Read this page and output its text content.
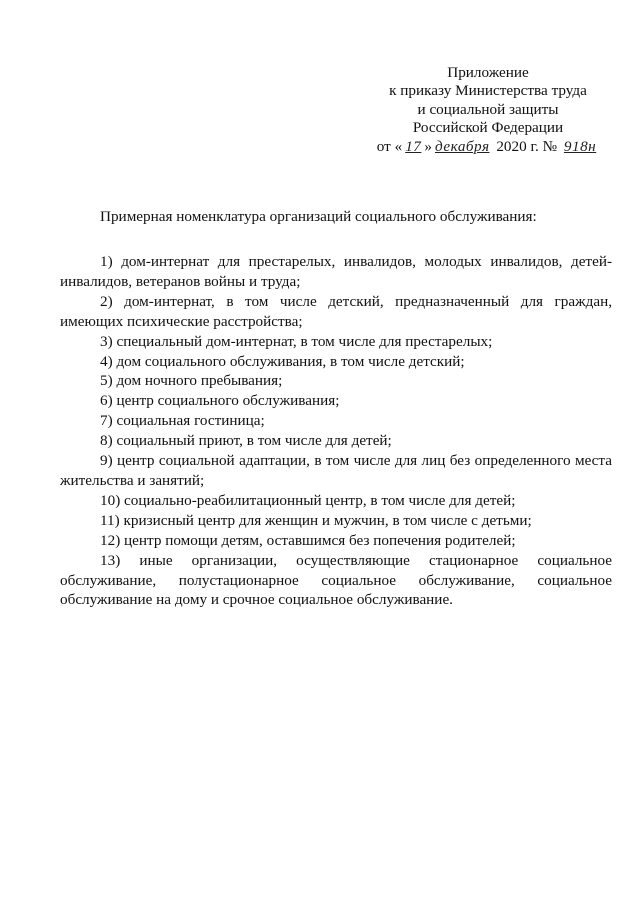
Приложение
к приказу Министерства труда
и социальной защиты
Российской Федерации
от « 17 » декабря 2020 г. № 918н
Примерная номенклатура организаций социального обслуживания:

1) дом-интернат для престарелых, инвалидов, молодых инвалидов, детей-инвалидов, ветеранов войны и труда;

2) дом-интернат, в том числе детский, предназначенный для граждан, имеющих психические расстройства;

3) специальный дом-интернат, в том числе для престарелых;

4) дом социального обслуживания, в том числе детский;

5) дом ночного пребывания;

6) центр социального обслуживания;

7) социальная гостиница;

8) социальный приют, в том числе для детей;

9) центр социальной адаптации, в том числе для лиц без определенного места жительства и занятий;

10) социально-реабилитационный центр, в том числе для детей;

11) кризисный центр для женщин и мужчин, в том числе с детьми;

12) центр помощи детям, оставшимся без попечения родителей;

13) иные организации, осуществляющие стационарное социальное обслуживание, полустационарное социальное обслуживание, социальное обслуживание на дому и срочное социальное обслуживание.
